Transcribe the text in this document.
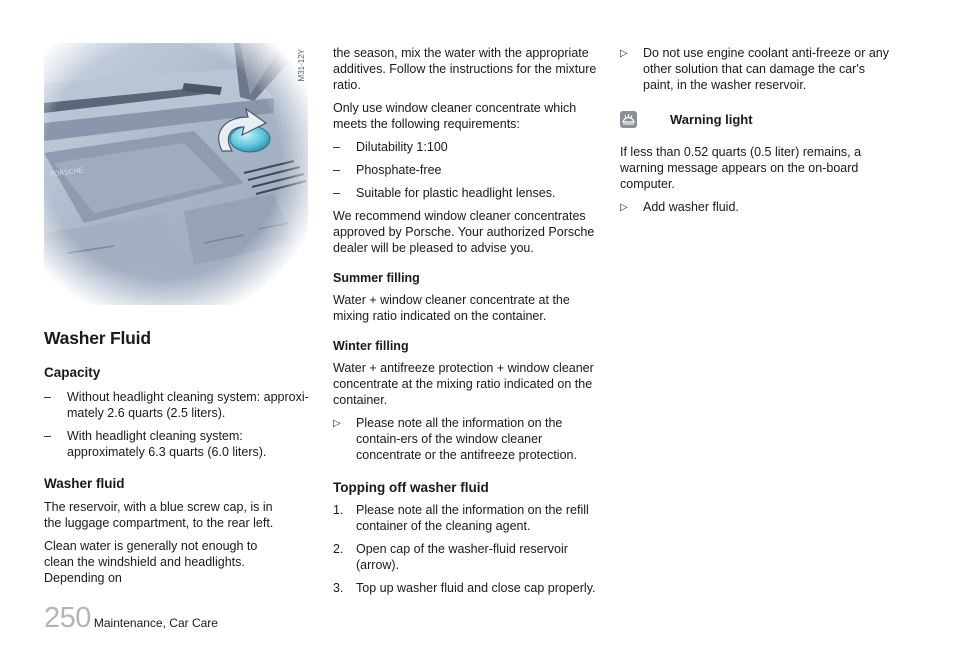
M31-12Y
Washer Fluid
Capacity
–	Without headlight cleaning system: approxi-mately 2.6 quarts (2.5 liters).
–	With headlight cleaning system: approximately 6.3 quarts (6.0 liters).
Washer fluid

The reservoir, with a blue screw cap, is in the luggage compartment, to the rear left.

Clean water is generally not enough to clean the windshield and headlights. Depending on

the season, mix the water with the appropriate additives. Follow the instructions for the mixture ratio.

Only use window cleaner concentrate which meets the following requirements:

–	Dilutability 1:100
–	Phosphate-free
–	Suitable for plastic headlight lenses.

We recommend window cleaner concentrates approved by Porsche. Your authorized Porsche dealer will be pleased to advise you.

Summer filling

Water + window cleaner concentrate at the mixing ratio indicated on the container.

Winter filling

Water + antifreeze protection + window cleaner concentrate at the mixing ratio indicated on the container.

▷	Please note all the information on the contain-ers of the window cleaner concentrate or the antifreeze protection.
Topping off washer fluid
1.	Please note all the information on the refill container of the cleaning agent.
2.	Open cap of the washer-fluid reservoir (arrow).
3.	Top up washer fluid and close cap properly.
▷	Do not use engine coolant anti-freeze or any other solution that can damage the car's paint, in the washer reservoir.
Warning light

If less than 0.52 quarts (0.5 liter) remains, a warning message appears on the on-board computer.

▷	Add washer fluid.
250 Maintenance, Car Care
